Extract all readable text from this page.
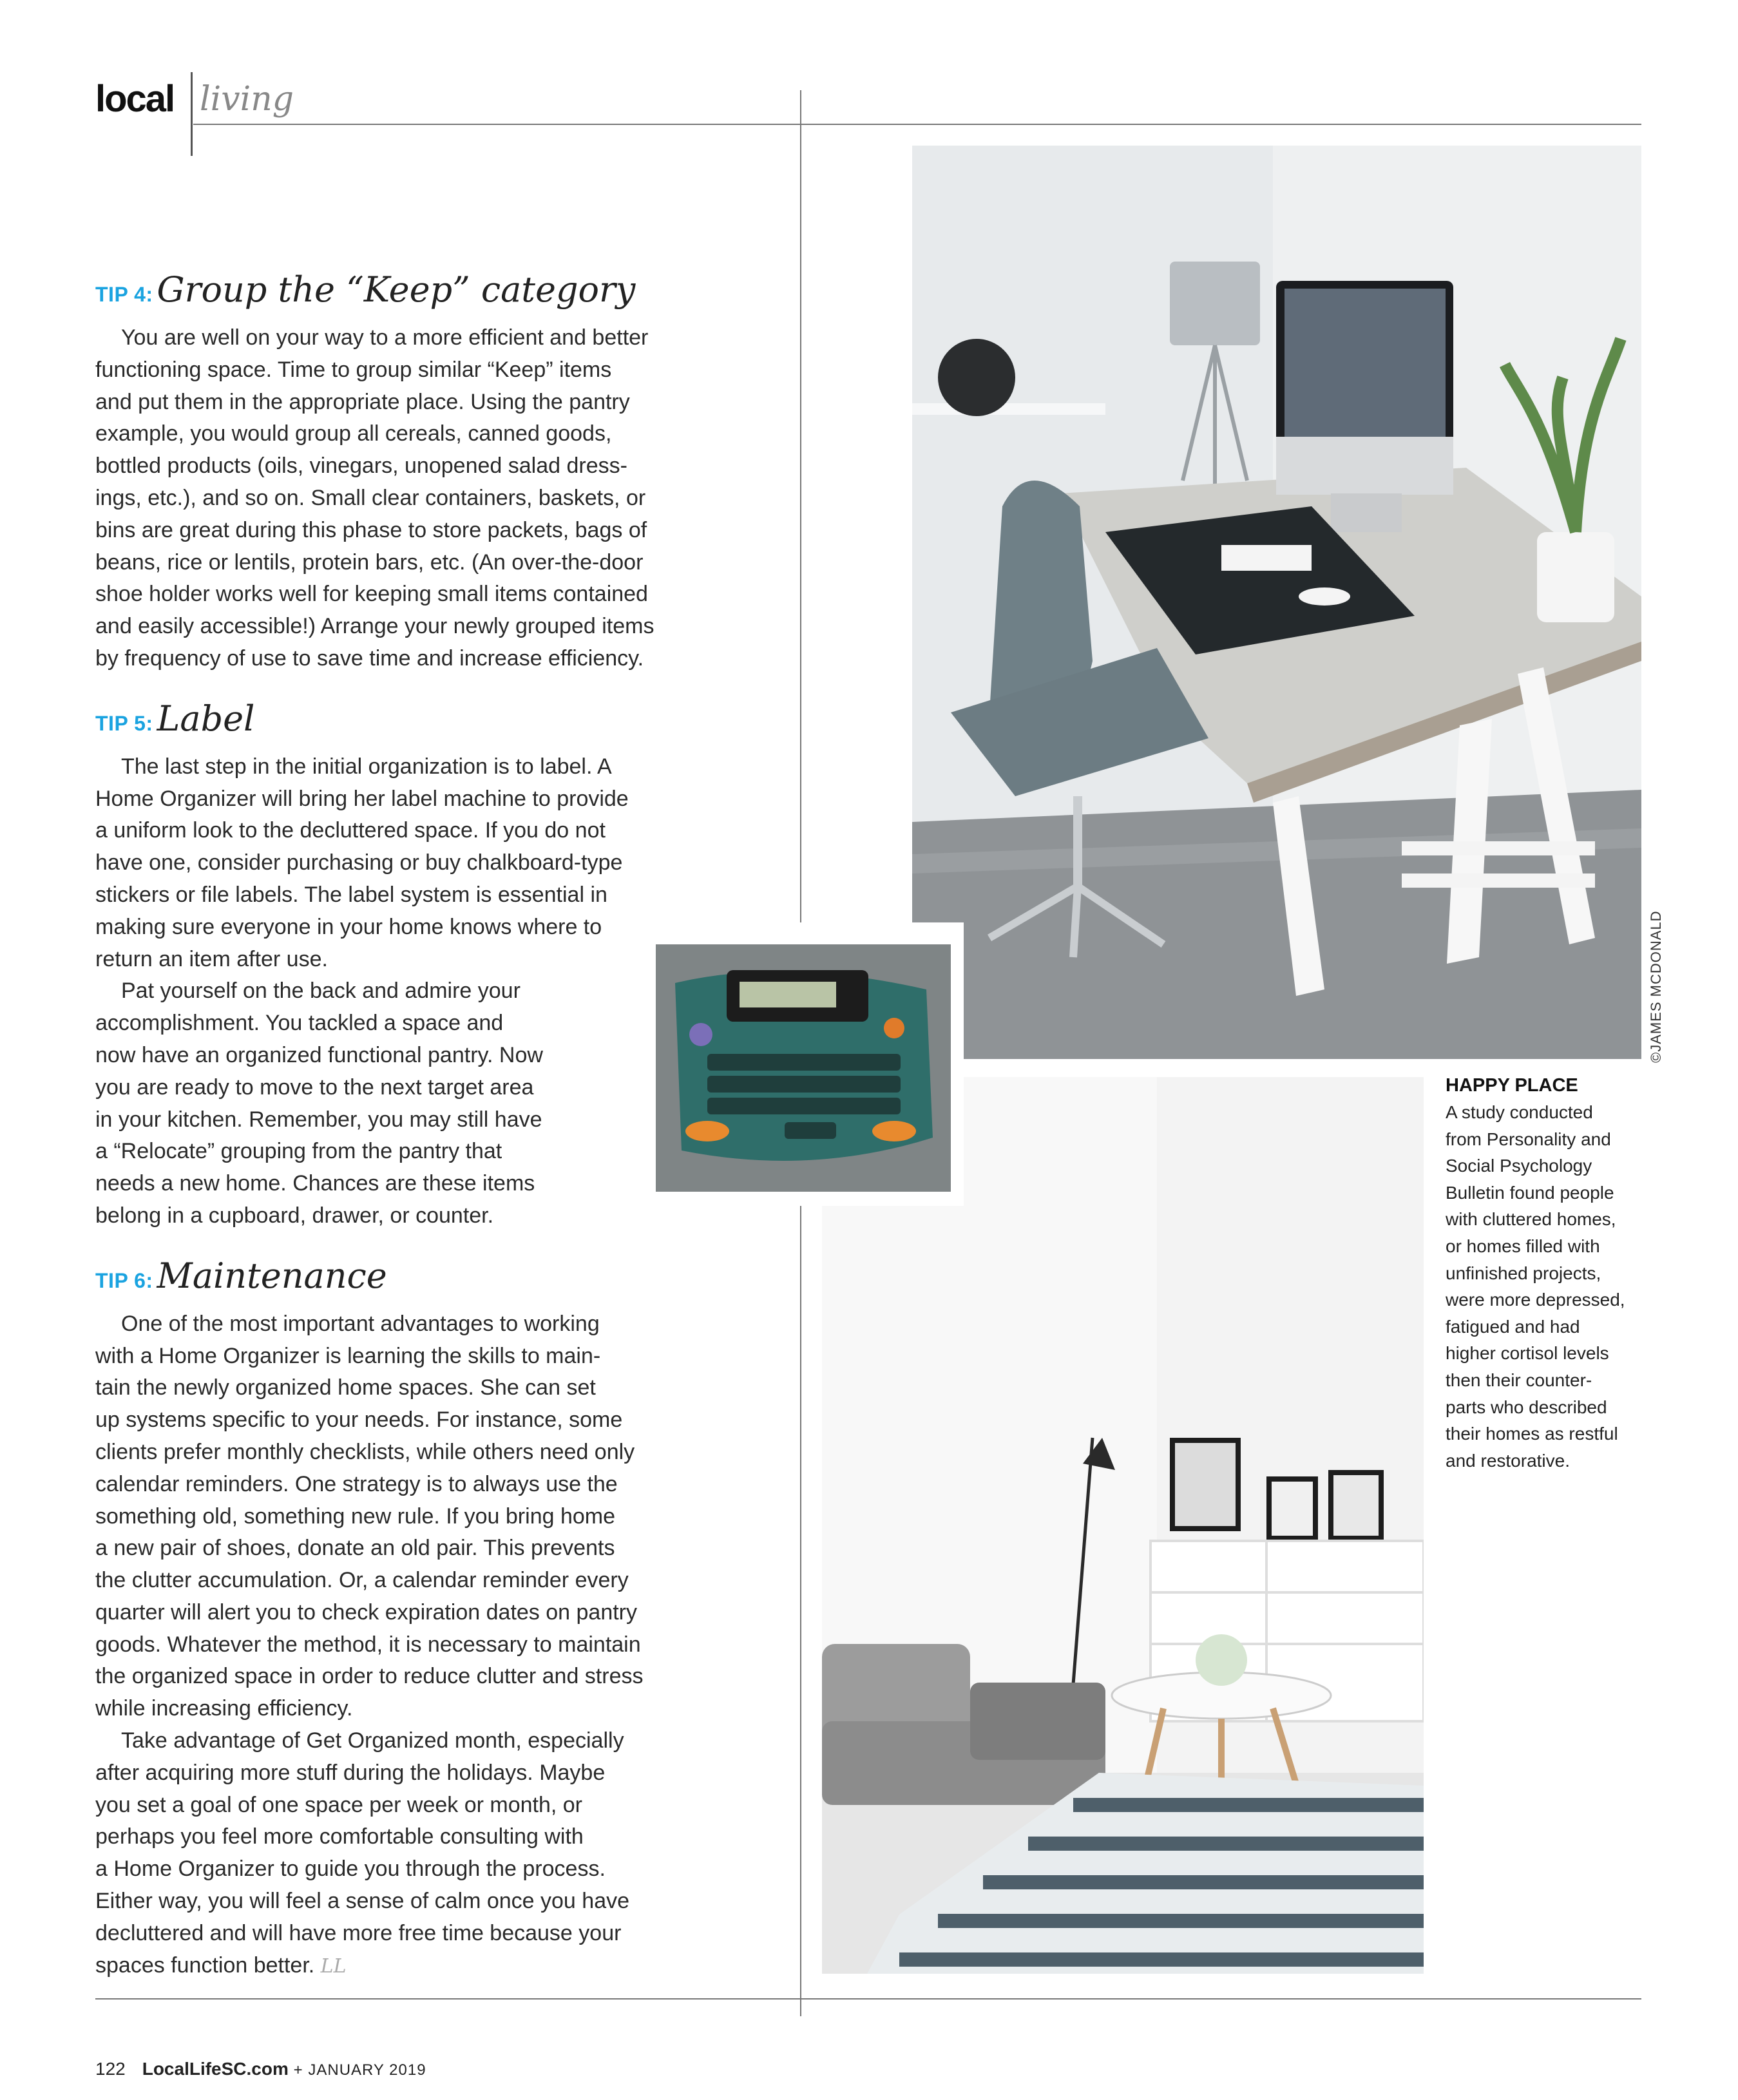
local living
TIP 4: Group the “Keep” category

You are well on your way to a more efficient and better
functioning space. Time to group similar “Keep” items
and put them in the appropriate place. Using the pantry
example, you would group all cereals, canned goods,
bottled products (oils, vinegars, unopened salad dress-
ings, etc.), and so on. Small clear containers, baskets, or
bins are great during this phase to store packets, bags of
beans, rice or lentils, protein bars, etc. (An over-the-door
shoe holder works well for keeping small items contained
and easily accessible!) Arrange your newly grouped items
by frequency of use to save time and increase efficiency.

TIP 5: Label

The last step in the initial organization is to label. A
Home Organizer will bring her label machine to provide
a uniform look to the decluttered space. If you do not
have one, consider purchasing or buy chalkboard-type
stickers or file labels. The label system is essential in
making sure everyone in your home knows where to
return an item after use.

Pat yourself on the back and admire your
accomplishment. You tackled a space and
now have an organized functional pantry. Now
you are ready to move to the next target area
in your kitchen. Remember, you may still have
a “Relocate” grouping from the pantry that
needs a new home. Chances are these items
belong in a cupboard, drawer, or counter.

TIP 6: Maintenance

One of the most important advantages to working
with a Home Organizer is learning the skills to main-
tain the newly organized home spaces. She can set
up systems specific to your needs. For instance, some
clients prefer monthly checklists, while others need only
calendar reminders. One strategy is to always use the
something old, something new rule. If you bring home
a new pair of shoes, donate an old pair. This prevents
the clutter accumulation. Or, a calendar reminder every
quarter will alert you to check expiration dates on pantry
goods. Whatever the method, it is necessary to maintain
the organized space in order to reduce clutter and stress
while increasing efficiency.

Take advantage of Get Organized month, especially
after acquiring more stuff during the holidays. Maybe
you set a goal of one space per week or month, or
perhaps you feel more comfortable consulting with
a Home Organizer to guide you through the process.
Either way, you will feel a sense of calm once you have
decluttered and will have more free time because your
spaces function better. LL

©JAMES MCDONALD
HAPPY PLACE

A study conducted
from Personality and
Social Psychology
Bulletin found people
with cluttered homes,
or homes filled with
unfinished projects,
were more depressed,
fatigued and had
higher cortisol levels
then their counter-
parts who described
their homes as restful
and restorative.

122 LocalLifeSC.com + JANUARY 2019
